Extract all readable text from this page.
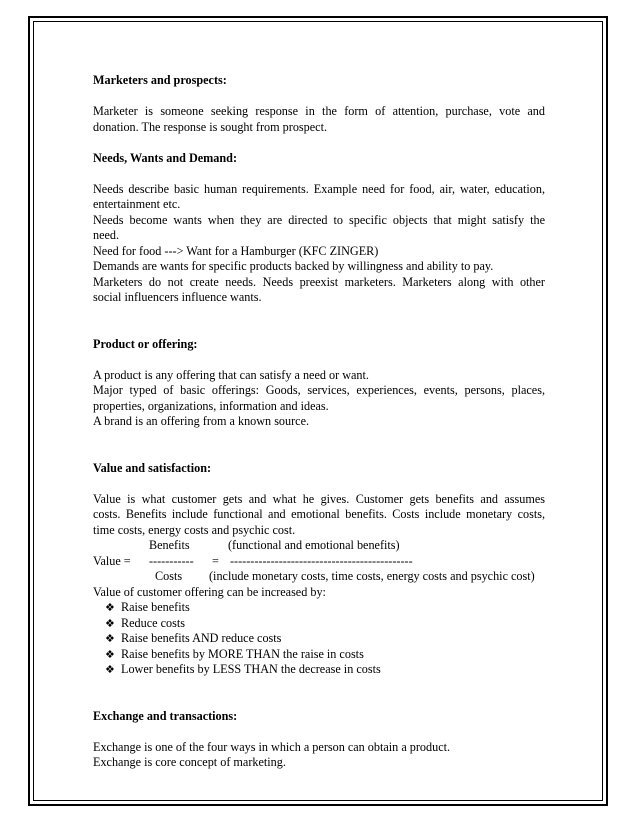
Marketers and prospects:

Marketer is someone seeking response in the form of attention, purchase, vote and

donation. The response is sought from prospect.

Needs, Wants and Demand:

Needs describe basic human requirements. Example need for food, air, water, education,

entertainment etc.

Needs become wants when they are directed to specific objects that might satisfy the

need.

Need for food ---> Want for a Hamburger (KFC ZINGER)

Demands are wants for specific products backed by willingness and ability to pay.

Marketers do not create needs. Needs preexist marketers. Marketers along with other

social influencers influence wants.

Product or offering:

A product is any offering that can satisfy a need or want.

Major typed of basic offerings: Goods, services, experiences, events, persons, places,

properties, organizations, information and ideas.

A brand is an offering from a known source.

Value and satisfaction:

Value is what customer gets and what he gives. Customer gets benefits and assumes

costs. Benefits include functional and emotional benefits. Costs include monetary costs,

time costs, energy costs and psychic cost.

Benefits	(functional and emotional benefits)
Value = ----------- = ---------------------------------------------
Costs (include monetary costs, time costs, energy costs and psychic cost)

Value of customer offering can be increased by:

❖ Raise benefits
❖ Reduce costs
❖ Raise benefits AND reduce costs
❖ Raise benefits by MORE THAN the raise in costs
❖ Lower benefits by LESS THAN the decrease in costs

Exchange and transactions:

Exchange is one of the four ways in which a person can obtain a product.

Exchange is core concept of marketing.
